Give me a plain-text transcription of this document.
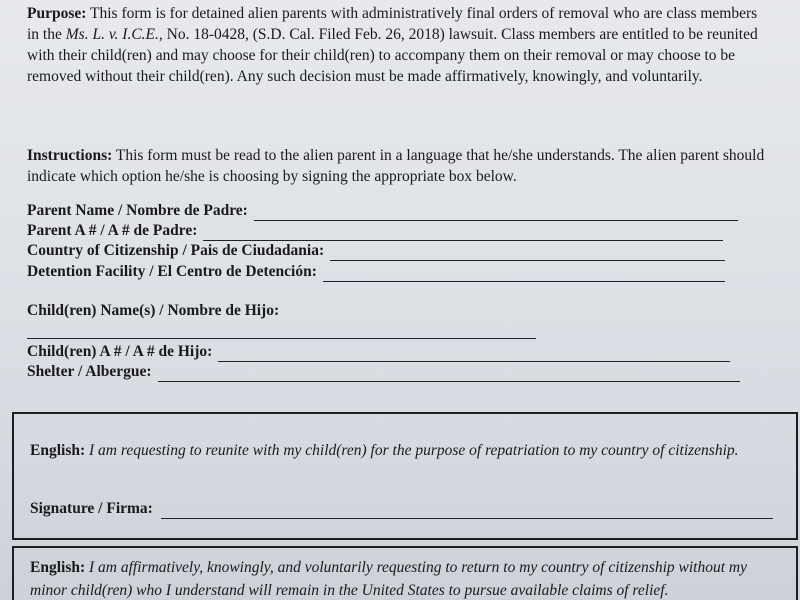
Purpose: This form is for detained alien parents with administratively final orders of removal who are class members in the Ms. L. v. I.C.E., No. 18-0428, (S.D. Cal. Filed Feb. 26, 2018) lawsuit. Class members are entitled to be reunited with their child(ren) and may choose for their child(ren) to accompany them on their removal or may choose to be removed without their child(ren). Any such decision must be made affirmatively, knowingly, and voluntarily.

Instructions: This form must be read to the alien parent in a language that he/she understands. The alien parent should indicate which option he/she is choosing by signing the appropriate box below.

Parent Name / Nombre de Padre:
Parent A # / A # de Padre:
Country of Citizenship / Pais de Ciudadania:
Detention Facility / El Centro de Detención:
Child(ren) Name(s) / Nombre de Hijo:
Child(ren) A # / A # de Hijo:
Shelter / Albergue:

English: I am requesting to reunite with my child(ren) for the purpose of repatriation to my country of citizenship.

Signature / Firma:

English: I am affirmatively, knowingly, and voluntarily requesting to return to my country of citizenship without my minor child(ren) who I understand will remain in the United States to pursue available claims of relief.
